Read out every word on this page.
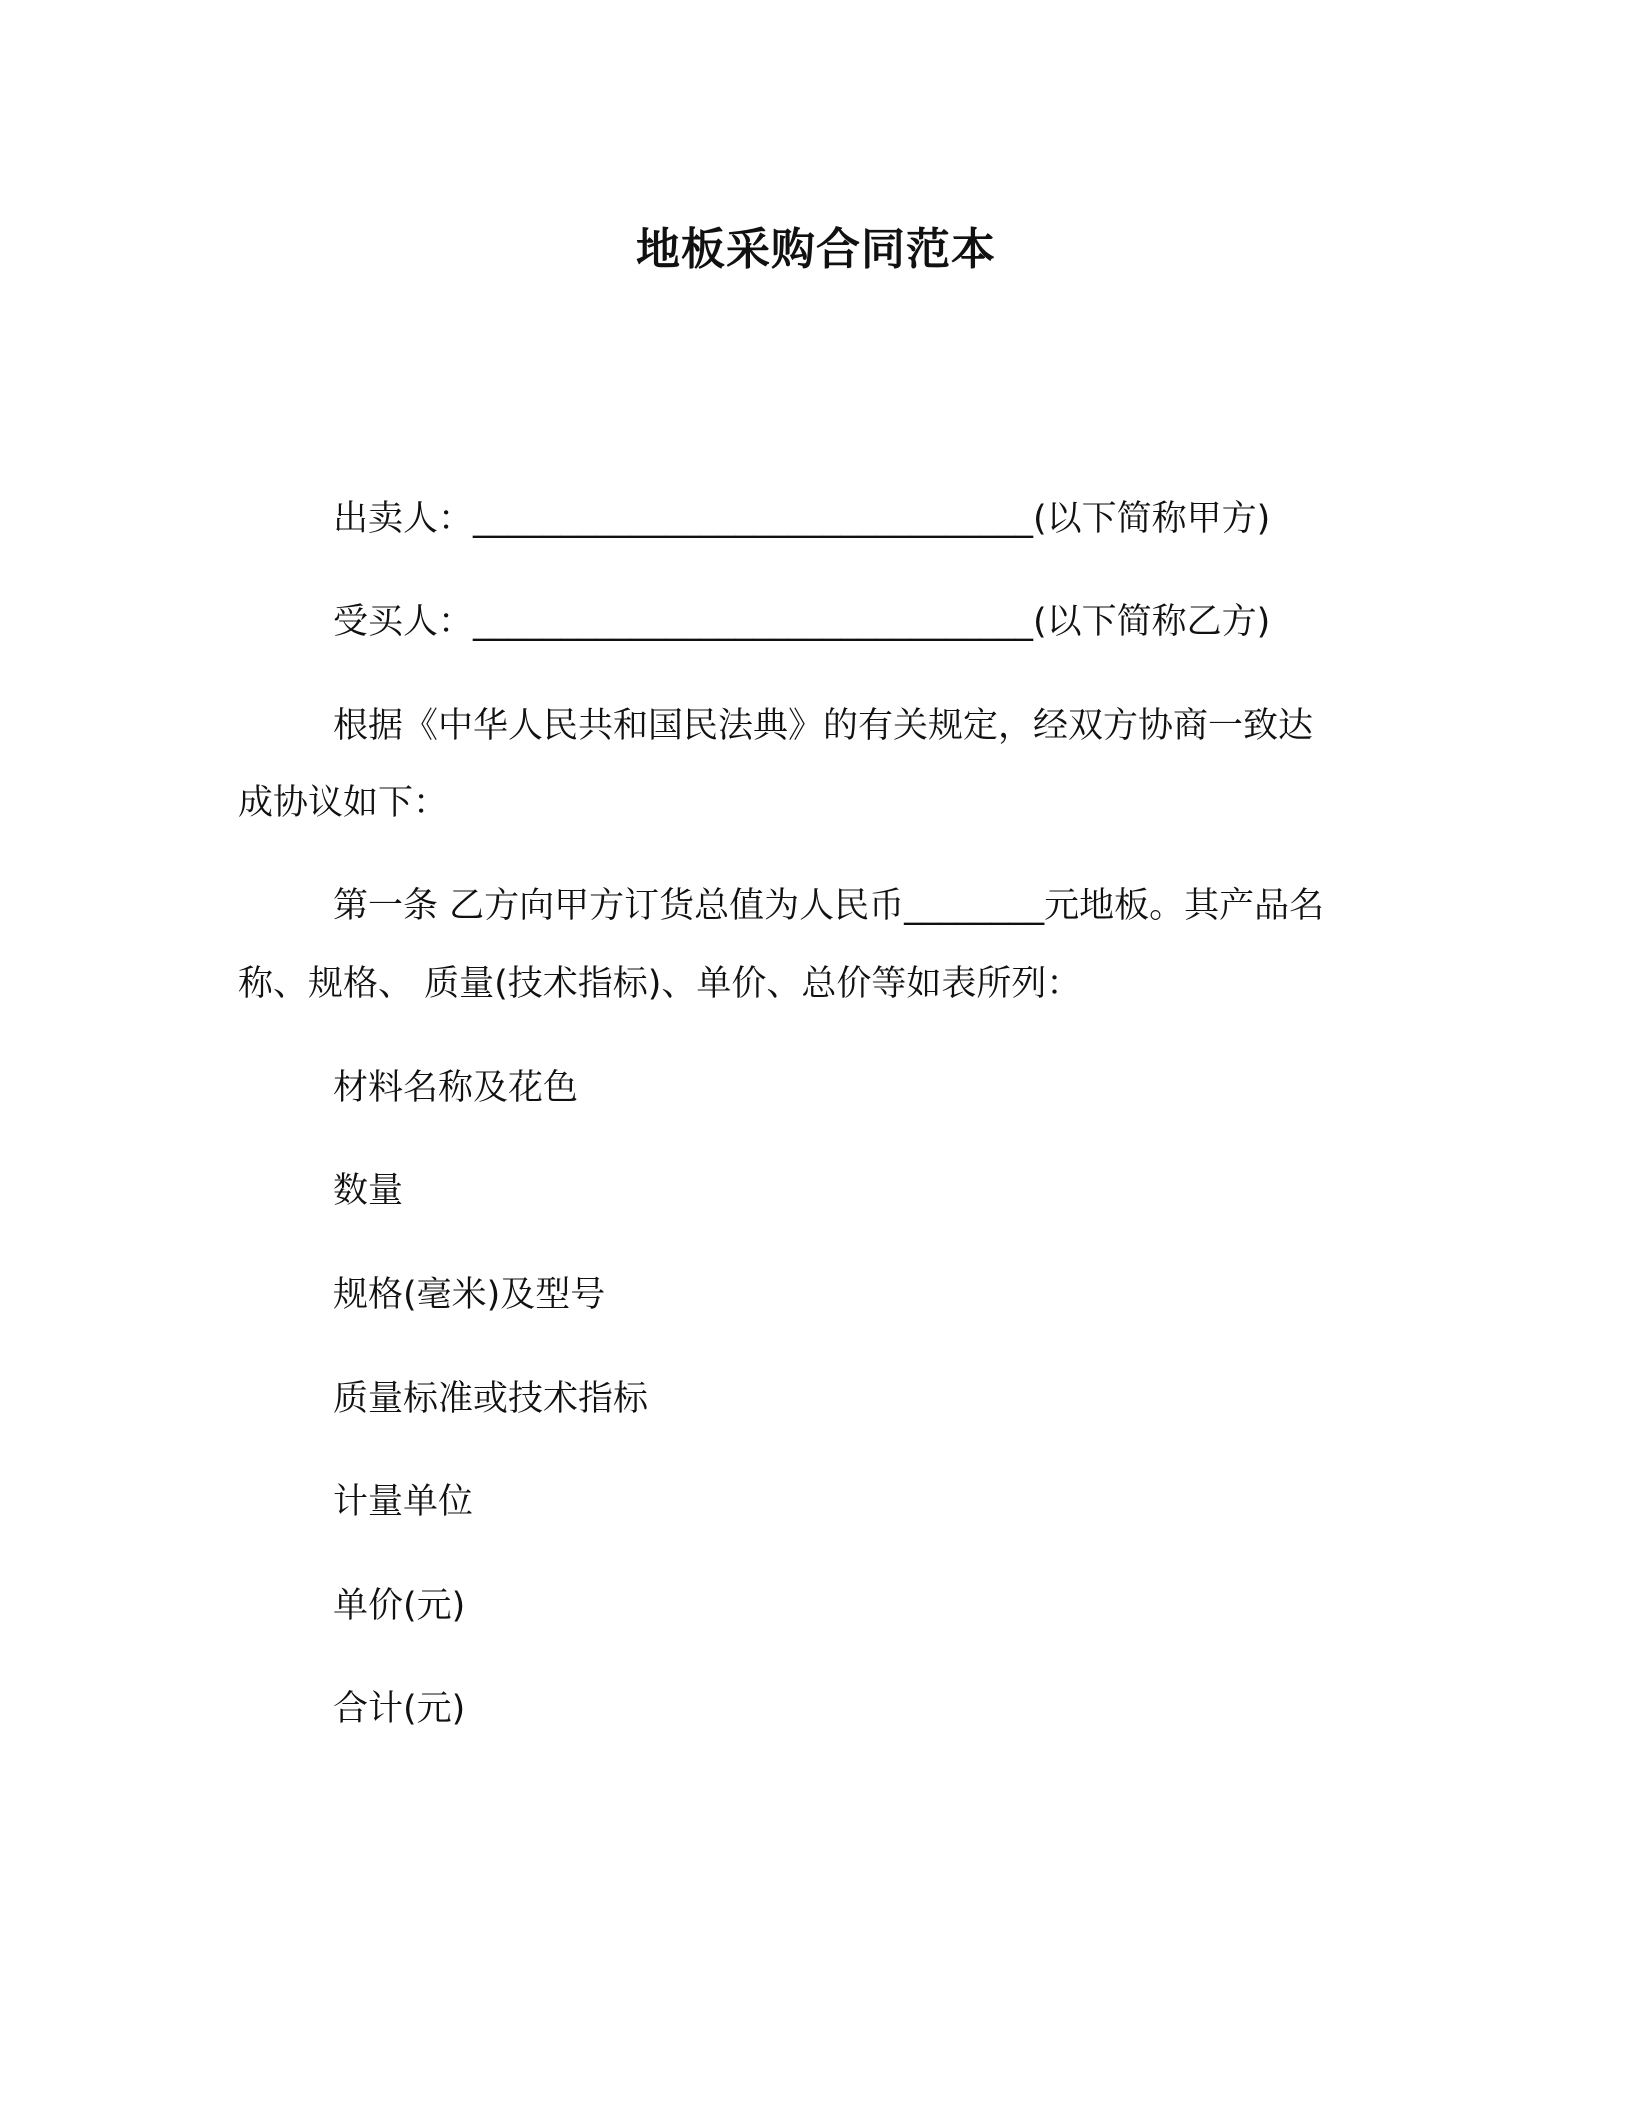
地板采购合同范本
出卖人：________________________________(以下简称甲方)
受买人：________________________________(以下简称乙方)
根据《中华人民共和国民法典》的有关规定，经双方协商一致达
成协议如下：
第一条 乙方向甲方订货总值为人民币________元地板。其产品名
称、规格、 质量(技术指标)、单价、总价等如表所列：
材料名称及花色
数量
规格(毫米)及型号
质量标准或技术指标
计量单位
单价(元)
合计(元)
